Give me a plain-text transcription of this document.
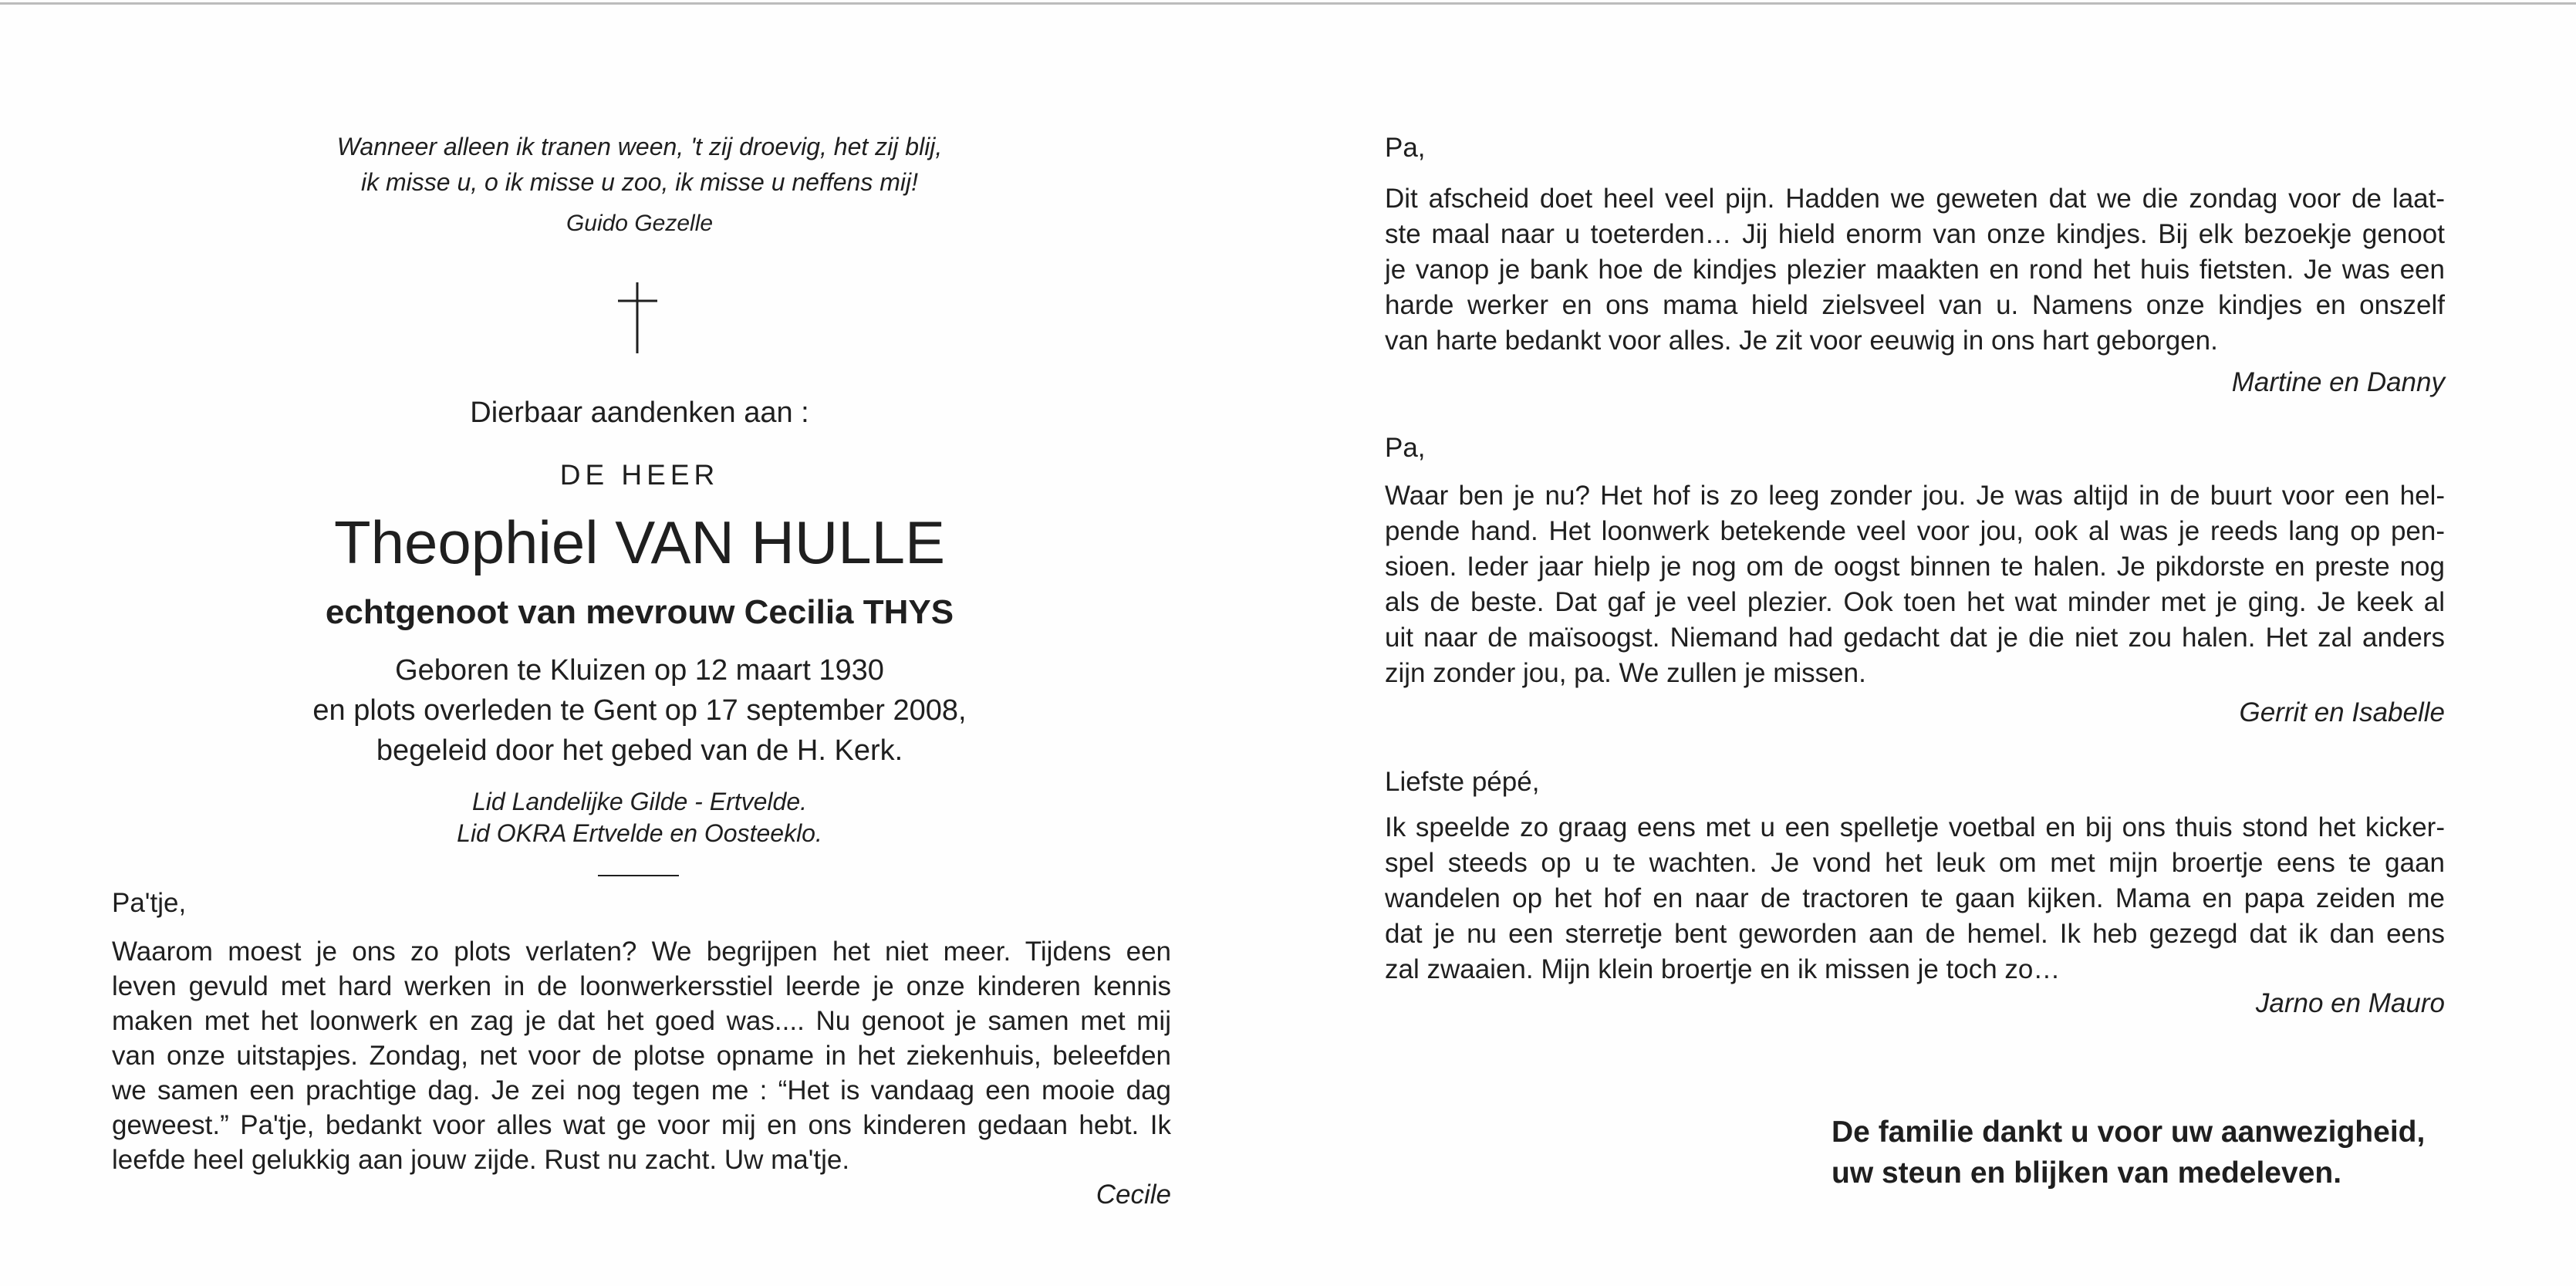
Wanneer alleen ik tranen ween, 't zij droevig, het zij blij,
ik misse u, o ik misse u zoo, ik misse u neffens mij!
Guido Gezelle
Dierbaar aandenken aan :
DE HEER
Theophiel VAN HULLE
echtgenoot van mevrouw Cecilia THYS
Geboren te Kluizen op 12 maart 1930
en plots overleden te Gent op 17 september 2008,
begeleid door het gebed van de H. Kerk.
Lid Landelijke Gilde - Ertvelde.
Lid OKRA Ertvelde en Oosteeklo.
Pa'tje,
Waarom moest je ons zo plots verlaten? We begrijpen het niet meer. Tijdens een
leven gevuld met hard werken in de loonwerkersstiel leerde je onze kinderen kennis
maken met het loonwerk en zag je dat het goed was.... Nu genoot je samen met mij
van onze uitstapjes. Zondag, net voor de plotse opname in het ziekenhuis, beleefden
we samen een prachtige dag. Je zei nog tegen me : “Het is vandaag een mooie dag
geweest.” Pa'tje, bedankt voor alles wat ge voor mij en ons kinderen gedaan hebt. Ik
leefde heel gelukkig aan jouw zijde. Rust nu zacht. Uw ma'tje.
Cecile
Pa,
Dit afscheid doet heel veel pijn. Hadden we geweten dat we die zondag voor de laat-
ste maal naar u toeterden… Jij hield enorm van onze kindjes. Bij elk bezoekje genoot
je vanop je bank hoe de kindjes plezier maakten en rond het huis fietsten. Je was een
harde werker en ons mama hield zielsveel van u. Namens onze kindjes en onszelf
van harte bedankt voor alles. Je zit voor eeuwig in ons hart geborgen.
Martine en Danny
Pa,
Waar ben je nu? Het hof is zo leeg zonder jou. Je was altijd in de buurt voor een hel-
pende hand. Het loonwerk betekende veel voor jou, ook al was je reeds lang op pen-
sioen. Ieder jaar hielp je nog om de oogst binnen te halen. Je pikdorste en preste nog
als de beste. Dat gaf je veel plezier. Ook toen het wat minder met je ging. Je keek al
uit naar de maïsoogst. Niemand had gedacht dat je die niet zou halen. Het zal anders
zijn zonder jou, pa. We zullen je missen.
Gerrit en Isabelle
Liefste pépé,
Ik speelde zo graag eens met u een spelletje voetbal en bij ons thuis stond het kicker-
spel steeds op u te wachten. Je vond het leuk om met mijn broertje eens te gaan
wandelen op het hof en naar de tractoren te gaan kijken. Mama en papa zeiden me
dat je nu een sterretje bent geworden aan de hemel. Ik heb gezegd dat ik dan eens
zal zwaaien. Mijn klein broertje en ik missen je toch zo…
Jarno en Mauro
De familie dankt u voor uw aanwezigheid,
uw steun en blijken van medeleven.
